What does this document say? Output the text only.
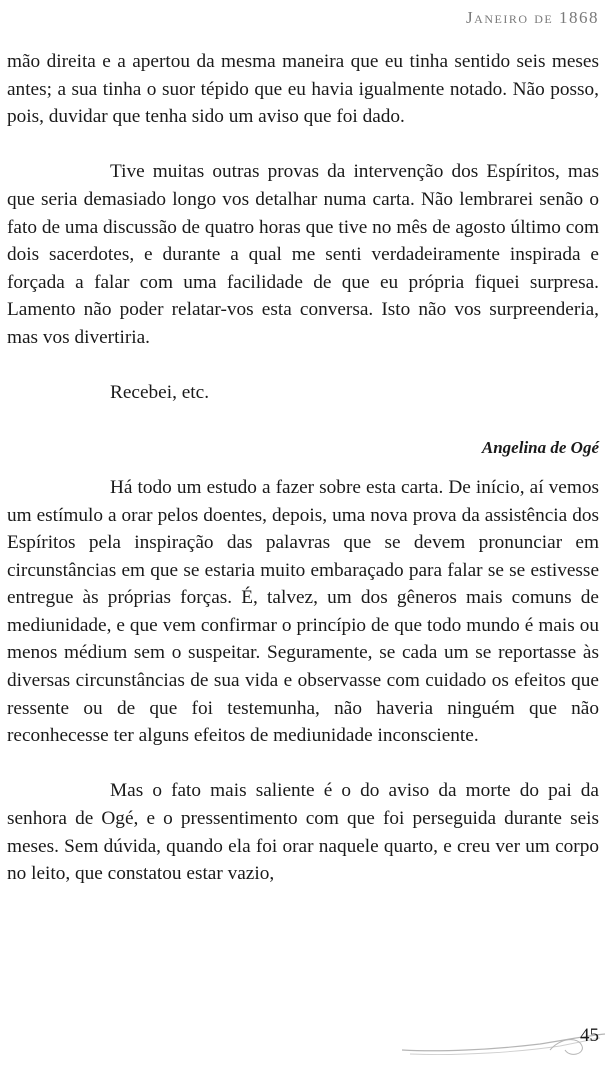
Janeiro de 1868

mão direita e a apertou da mesma maneira que eu tinha sentido seis meses antes; a sua tinha o suor tépido que eu havia igualmente notado. Não posso, pois, duvidar que tenha sido um aviso que foi dado.

Tive muitas outras provas da intervenção dos Espíritos, mas que seria demasiado longo vos detalhar numa carta. Não lembrarei senão o fato de uma discussão de quatro horas que tive no mês de agosto último com dois sacerdotes, e durante a qual me senti verdadeiramente inspirada e forçada a falar com uma facilidade de que eu própria fiquei surpresa. Lamento não poder relatar-vos esta conversa. Isto não vos surpreenderia, mas vos divertiria.

Recebei, etc.

Angelina de Ogé

Há todo um estudo a fazer sobre esta carta. De início, aí vemos um estímulo a orar pelos doentes, depois, uma nova prova da assistência dos Espíritos pela inspiração das palavras que se devem pronunciar em circunstâncias em que se estaria muito embaraçado para falar se se estivesse entregue às próprias forças. É, talvez, um dos gêneros mais comuns de mediunidade, e que vem confirmar o princípio de que todo mundo é mais ou menos médium sem o suspeitar. Seguramente, se cada um se reportasse às diversas circunstâncias de sua vida e observasse com cuidado os efeitos que ressente ou de que foi testemunha, não haveria ninguém que não reconhecesse ter alguns efeitos de mediunidade inconsciente.

Mas o fato mais saliente é o do aviso da morte do pai da senhora de Ogé, e o pressentimento com que foi perseguida durante seis meses. Sem dúvida, quando ela foi orar naquele quarto, e creu ver um corpo no leito, que constatou estar vazio,

45
